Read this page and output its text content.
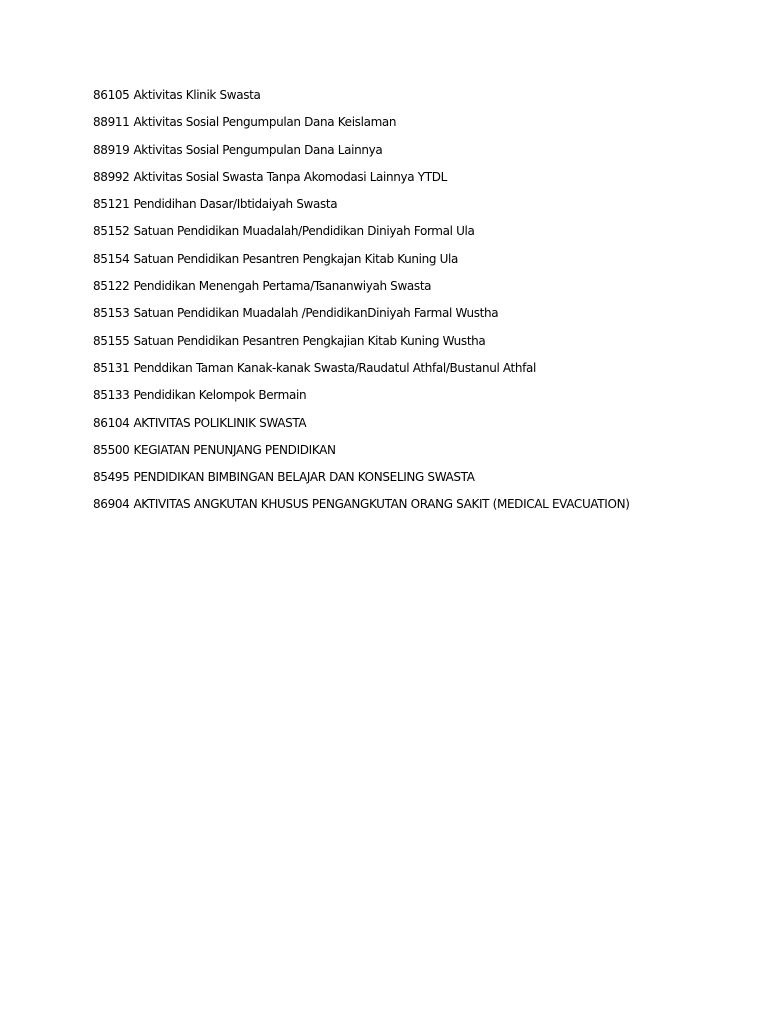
86105 Aktivitas Klinik Swasta
88911 Aktivitas Sosial Pengumpulan Dana Keislaman
88919 Aktivitas Sosial Pengumpulan Dana Lainnya
88992 Aktivitas Sosial Swasta Tanpa Akomodasi Lainnya YTDL
85121 Pendidihan Dasar/Ibtidaiyah Swasta
85152 Satuan Pendidikan Muadalah/Pendidikan Diniyah Formal Ula
85154 Satuan Pendidikan Pesantren Pengkajan Kitab Kuning Ula
85122 Pendidikan Menengah Pertama/Tsananwiyah Swasta
85153 Satuan Pendidikan Muadalah /PendidikanDiniyah Farmal Wustha
85155 Satuan Pendidikan Pesantren Pengkajian Kitab Kuning Wustha
85131 Penddikan Taman Kanak-kanak Swasta/Raudatul Athfal/Bustanul Athfal
85133 Pendidikan Kelompok Bermain
86104 AKTIVITAS POLIKLINIK SWASTA
85500 KEGIATAN PENUNJANG PENDIDIKAN
85495 PENDIDIKAN BIMBINGAN BELAJAR DAN KONSELING SWASTA
86904 AKTIVITAS ANGKUTAN KHUSUS PENGANGKUTAN ORANG SAKIT (MEDICAL EVACUATION)
